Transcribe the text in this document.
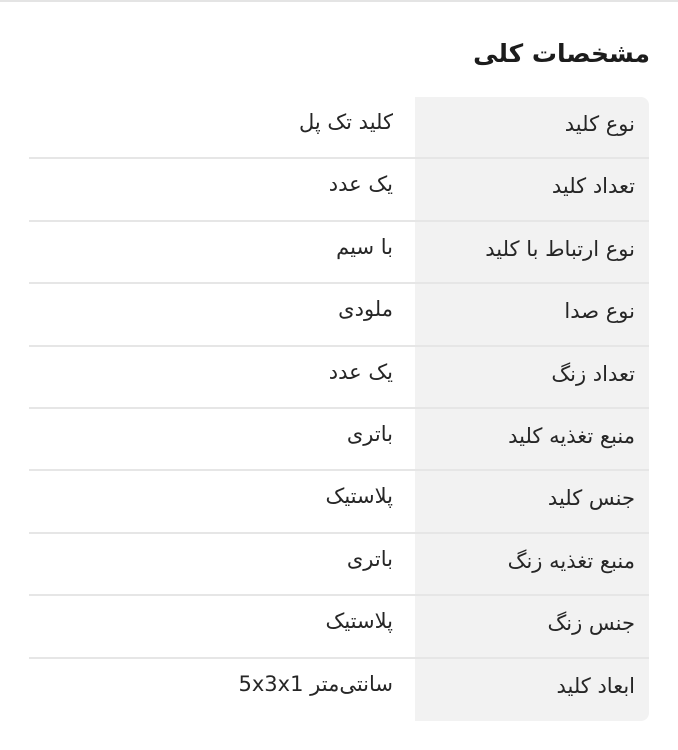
مشخصات کلی
نوع کلید
کلید تک پل
تعداد کلید
یک عدد
نوع ارتباط با کلید
با سیم
نوع صدا
ملودی
تعداد زنگ
یک عدد
منبع تغذیه کلید
باتری
جنس کلید
پلاستیک
منبع تغذیه زنگ
باتری
جنس زنگ
پلاستیک
ابعاد کلید
سانتی‌متر 5x3x1
